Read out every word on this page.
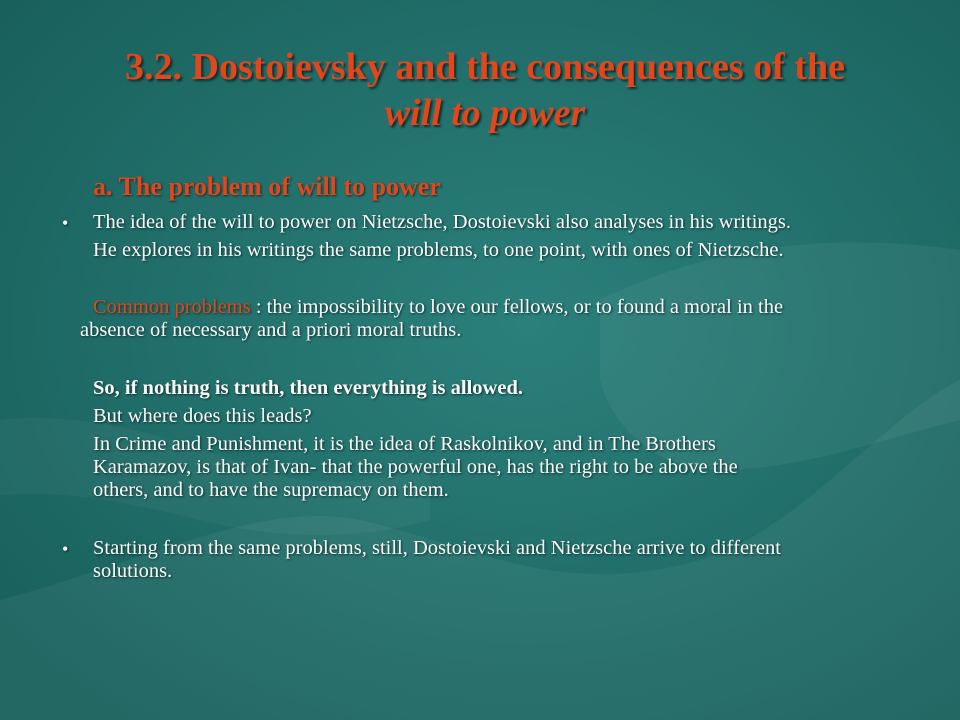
3.2. Dostoievsky and the consequences of the
will to power
a. The problem of will to power
• The idea of the will to power on Nietzsche, Dostoievski also analyses in his writings.
He explores in his writings the same problems, to one point, with ones of Nietzsche.
Common problems : the impossibility to love our fellows, or to found a moral in the
absence of necessary and a priori moral truths.
So, if nothing is truth, then everything is allowed.
But where does this leads?
In Crime and Punishment, it is the idea of Raskolnikov, and in The Brothers
Karamazov, is that of Ivan- that the powerful one, has the right to be above the
others, and to have the supremacy on them.
• Starting from the same problems, still, Dostoievski and Nietzsche arrive to different
solutions.
